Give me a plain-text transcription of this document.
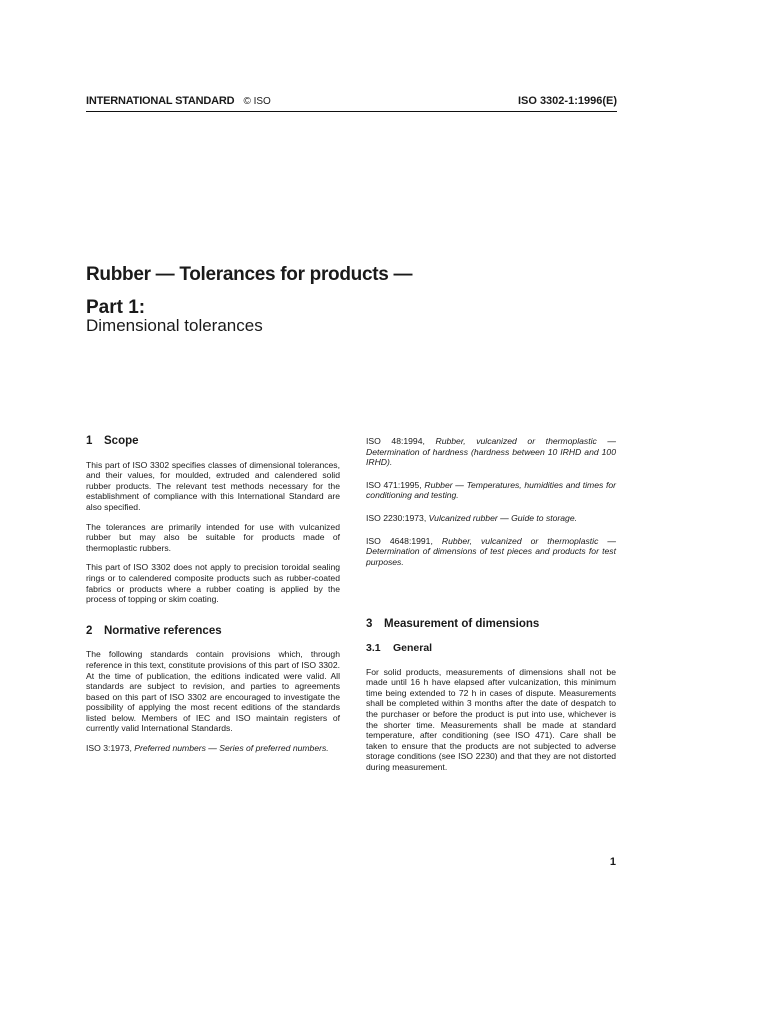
INTERNATIONAL STANDARD © ISO	ISO 3302-1:1996(E)
Rubber — Tolerances for products —
Part 1:
Dimensional tolerances
1 Scope

This part of ISO 3302 specifies classes of dimensional tolerances, and their values, for moulded, extruded and calendered solid rubber products. The relevant test methods necessary for the establishment of compliance with this International Standard are also specified.

The tolerances are primarily intended for use with vulcanized rubber but may also be suitable for products made of thermoplastic rubbers.

This part of ISO 3302 does not apply to precision toroidal sealing rings or to calendered composite products such as rubber-coated fabrics or products where a rubber coating is applied by the process of topping or skim coating.

2 Normative references

The following standards contain provisions which, through reference in this text, constitute provisions of this part of ISO 3302. At the time of publication, the editions indicated were valid. All standards are subject to revision, and parties to agreements based on this part of ISO 3302 are encouraged to investigate the possibility of applying the most recent editions of the standards listed below. Members of IEC and ISO maintain registers of currently valid International Standards.

ISO 3:1973, Preferred numbers — Series of preferred numbers.
ISO 48:1994, Rubber, vulcanized or thermoplastic — Determination of hardness (hardness between 10 IRHD and 100 IRHD).
ISO 471:1995, Rubber — Temperatures, humidities and times for conditioning and testing.
ISO 2230:1973, Vulcanized rubber — Guide to storage.
ISO 4648:1991, Rubber, vulcanized or thermoplastic — Determination of dimensions of test pieces and products for test purposes.
3 Measurement of dimensions
3.1 General

For solid products, measurements of dimensions shall not be made until 16 h have elapsed after vulcanization, this minimum time being extended to 72 h in cases of dispute. Measurements shall be completed within 3 months after the date of despatch to the purchaser or before the product is put into use, whichever is the shorter time. Measurements shall be made at standard temperature, after conditioning (see ISO 471). Care shall be taken to ensure that the products are not subjected to adverse storage conditions (see ISO 2230) and that they are not distorted during measurement.

1
